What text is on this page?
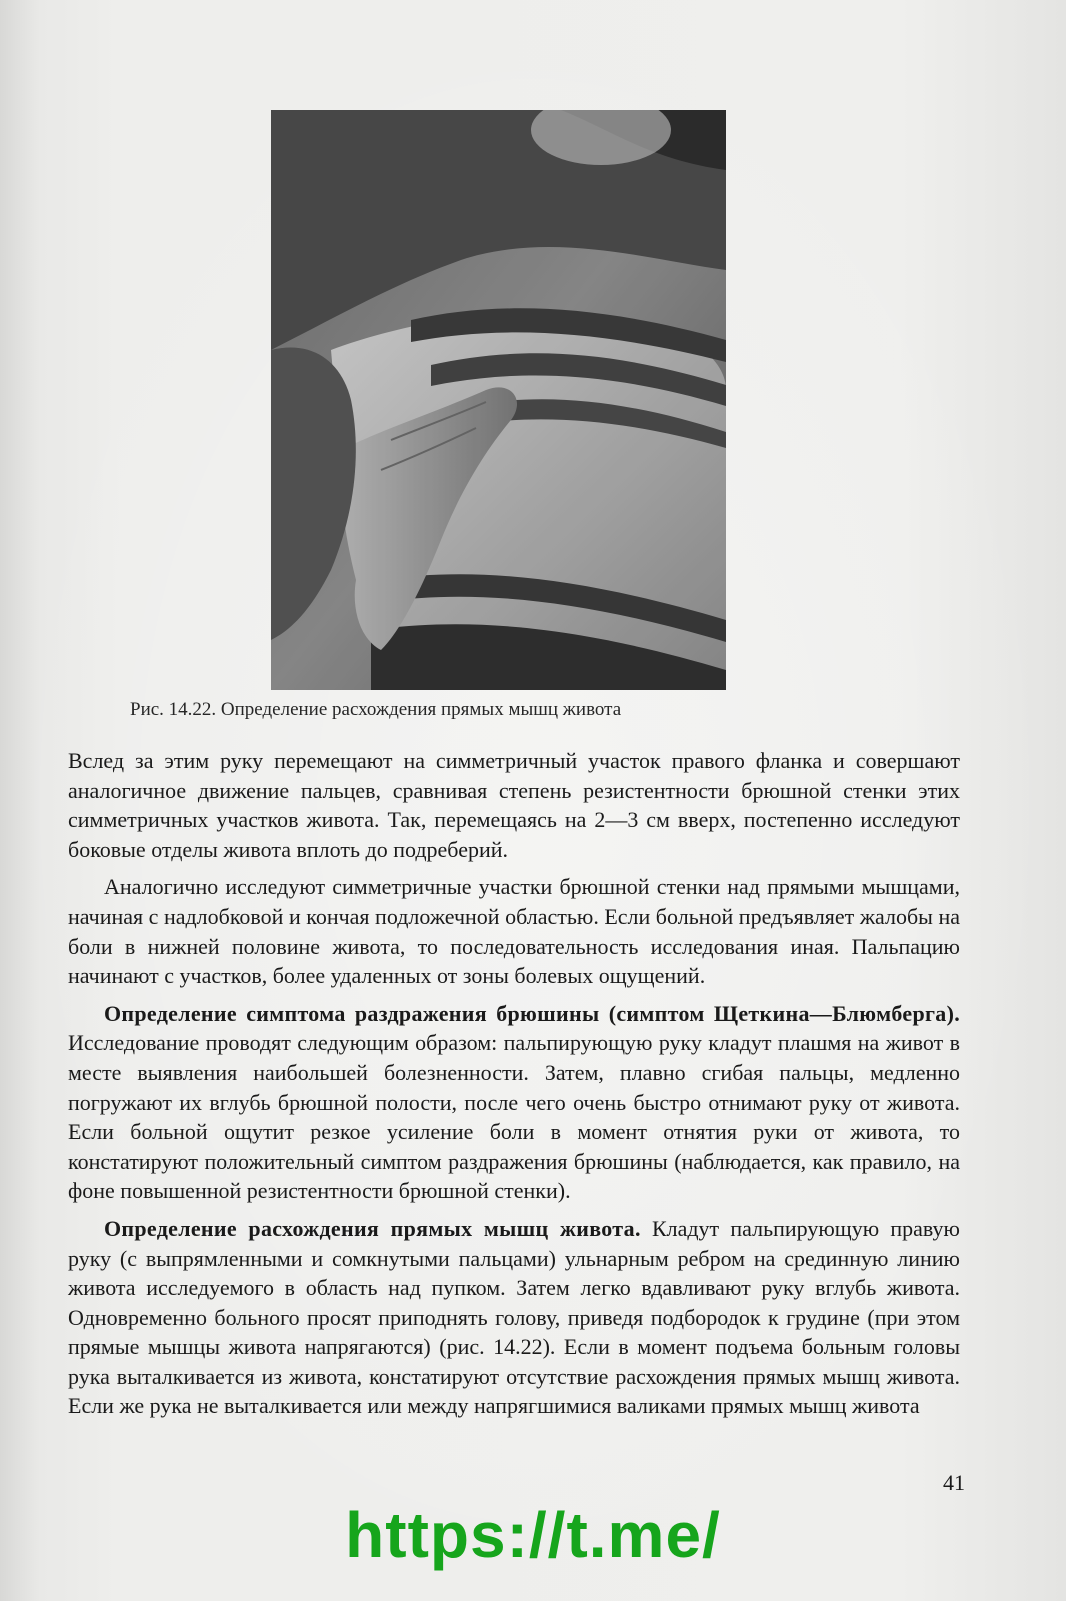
Рис. 14.22. Определение расхождения прямых мышц живота

Вслед за этим руку перемещают на симметричный участок правого фланка и совершают аналогичное движение пальцев, сравнивая степень резистентности брюшной стенки этих симметричных участков живота. Так, перемещаясь на 2—3 см вверх, постепенно исследуют боковые отделы живота вплоть до подреберий.

Аналогично исследуют симметричные участки брюшной стенки над прямыми мышцами, начиная с надлобковой и кончая подложечной областью. Если больной предъявляет жалобы на боли в нижней половине живота, то последовательность исследования иная. Пальпацию начинают с участков, более удаленных от зоны болевых ощущений.

Определение симптома раздражения брюшины (симптом Щеткина—Блюмберга). Исследование проводят следующим образом: пальпирующую руку кладут плашмя на живот в месте выявления наибольшей болезненности. Затем, плавно сгибая пальцы, медленно погружают их вглубь брюшной полости, после чего очень быстро отнимают руку от живота. Если больной ощутит резкое усиление боли в момент отнятия руки от живота, то констатируют положительный симптом раздражения брюшины (наблюдается, как правило, на фоне повышенной резистентности брюшной стенки).

Определение расхождения прямых мышц живота. Кладут пальпирующую правую руку (с выпрямленными и сомкнутыми пальцами) ульнарным ребром на срединную линию живота исследуемого в область над пупком. Затем легко вдавливают руку вглубь живота. Одновременно больного просят приподнять голову, приведя подбородок к грудине (при этом прямые мышцы живота напрягаются) (рис. 14.22). Если в момент подъема больным головы рука выталкивается из живота, констатируют отсутствие расхождения прямых мышц живота. Если же рука не выталкивается или между напрягшимися валиками прямых мышц живота

41
https://t.me/
